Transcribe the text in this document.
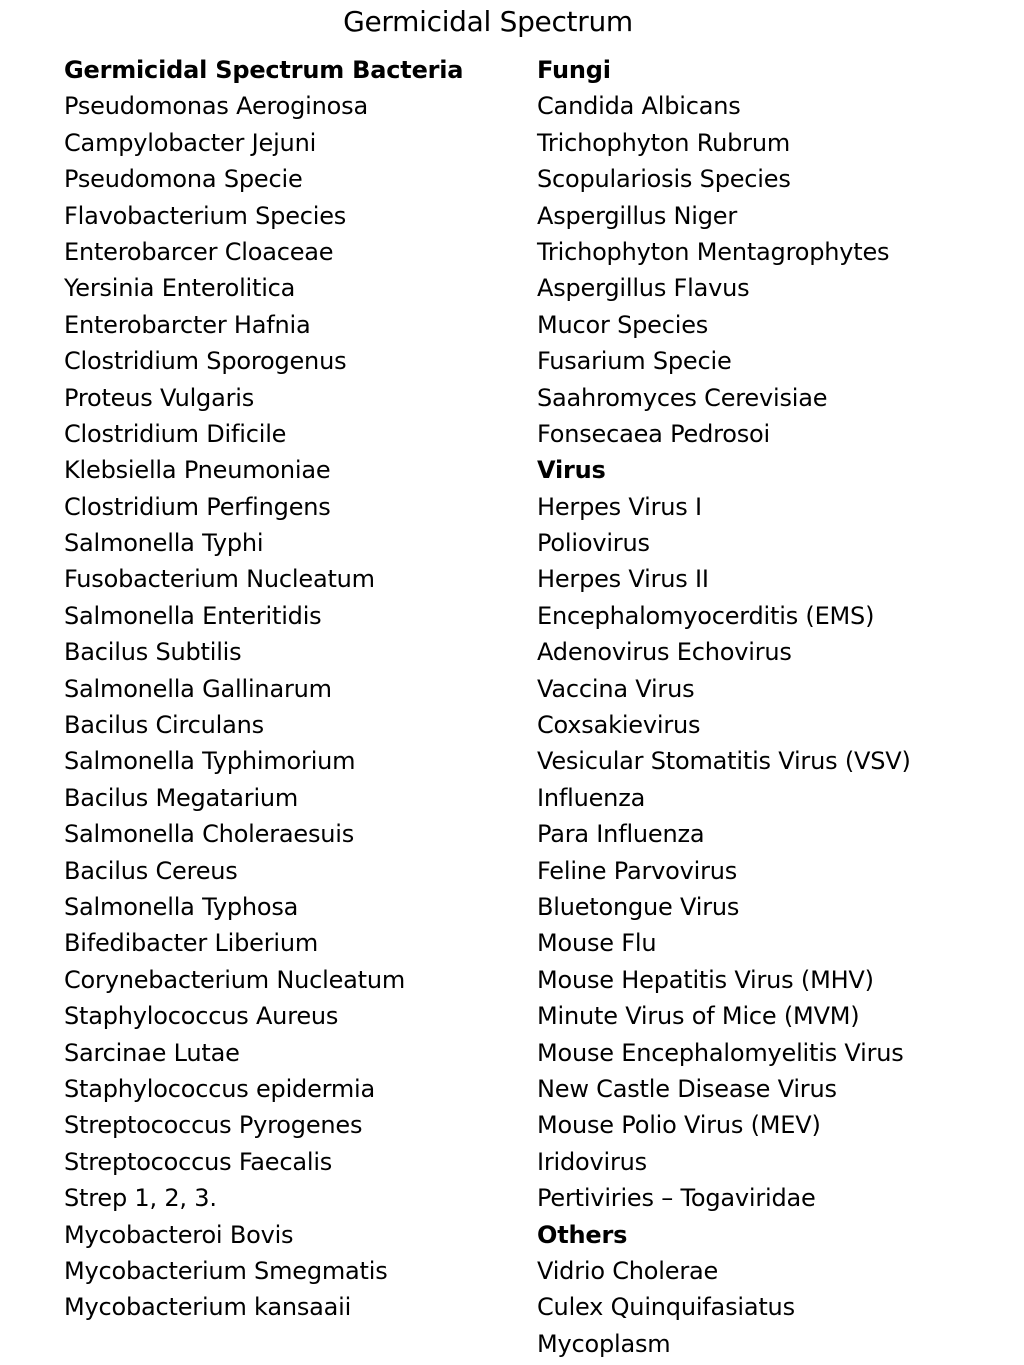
Germicidal Spectrum
Germicidal Spectrum Bacteria
Pseudomonas Aeroginosa
Campylobacter Jejuni
Pseudomona Specie
Flavobacterium Species
Enterobarcer Cloaceae
Yersinia Enterolitica
Enterobarcter Hafnia
Clostridium Sporogenus
Proteus Vulgaris
Clostridium Dificile
Klebsiella Pneumoniae
Clostridium Perfingens
Salmonella Typhi
Fusobacterium Nucleatum
Salmonella Enteritidis
Bacilus Subtilis
Salmonella Gallinarum
Bacilus Circulans
Salmonella Typhimorium
Bacilus Megatarium
Salmonella Choleraesuis
Bacilus Cereus
Salmonella Typhosa
Bifedibacter Liberium
Corynebacterium Nucleatum
Staphylococcus Aureus
Sarcinae Lutae
Staphylococcus epidermia
Streptococcus Pyrogenes
Streptococcus Faecalis
Strep 1, 2, 3.
Mycobacteroi Bovis
Mycobacterium Smegmatis
Mycobacterium kansaaii
Fungi
Candida Albicans
Trichophyton Rubrum
Scopulariosis Species
Aspergillus Niger
Trichophyton Mentagrophytes
Aspergillus Flavus
Mucor Species
Fusarium Specie
Saahromyces Cerevisiae
Fonsecaea Pedrosoi
Virus
Herpes Virus I
Poliovirus
Herpes Virus II
Encephalomyocerditis (EMS)
Adenovirus Echovirus
Vaccina Virus
Coxsakievirus
Vesicular Stomatitis Virus (VSV)
Influenza
Para Influenza
Feline Parvovirus
Bluetongue Virus
Mouse Flu
Mouse Hepatitis Virus (MHV)
Minute Virus of Mice (MVM)
Mouse Encephalomyelitis Virus
New Castle Disease Virus
Mouse Polio Virus (MEV)
Iridovirus
Pertiviries – Togaviridae
Others
Vidrio Cholerae
Culex Quinquifasiatus
Mycoplasm
